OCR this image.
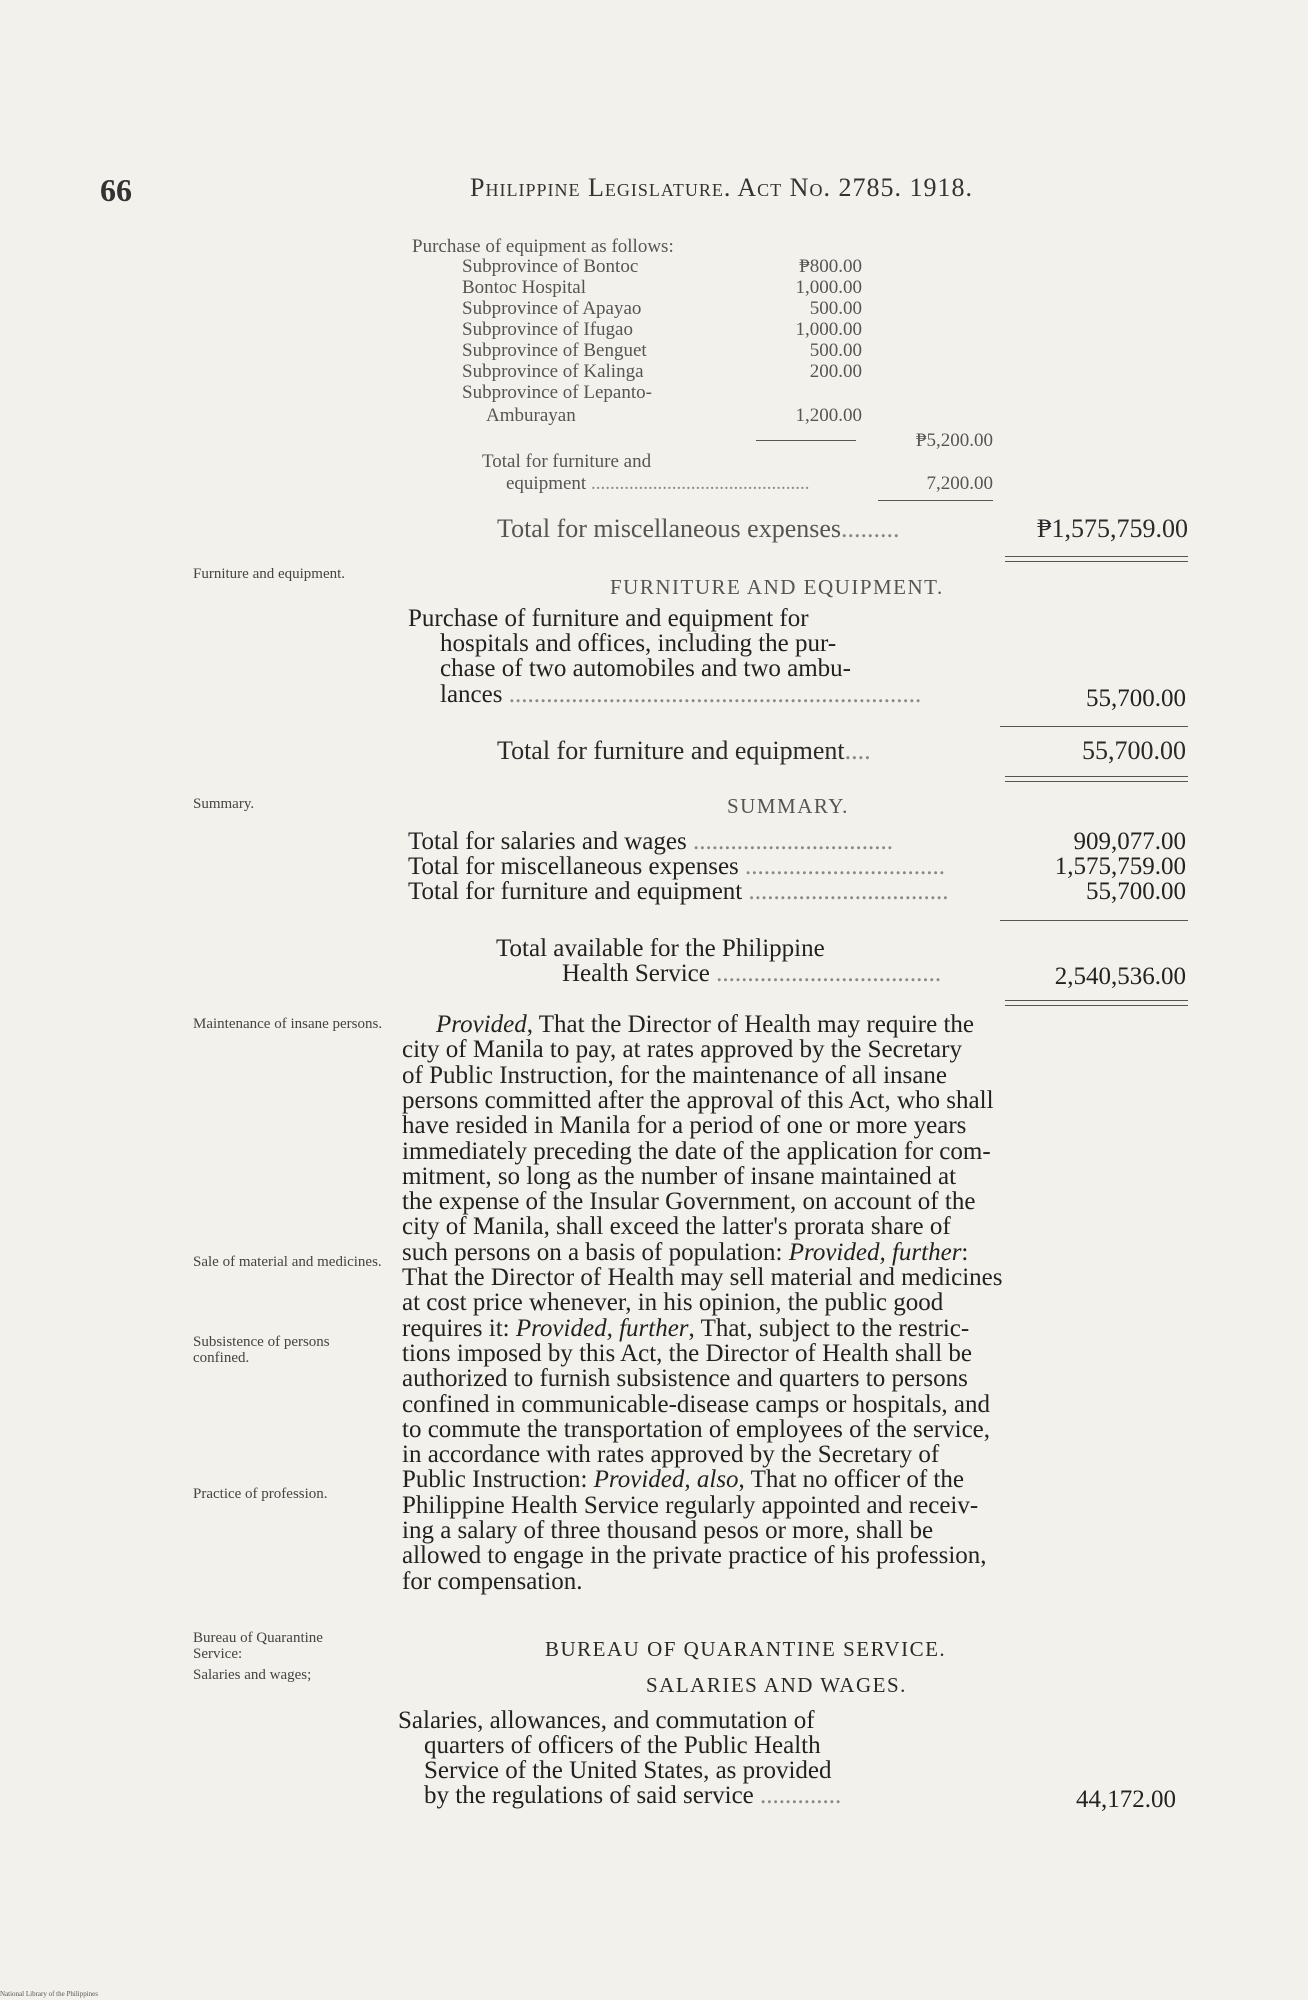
66	Philippine Legislature. Act No. 2785. 1918.
Purchase of equipment as follows:
Subprovince of Bontoc	₱800.00
Bontoc Hospital	1,000.00
Subprovince of Apayao	500.00
Subprovince of Ifugao	1,000.00
Subprovince of Benguet	500.00
Subprovince of Kalinga	200.00
Subprovince of Lepanto-
Amburayan	1,200.00
₱5,200.00
Total for furniture and
equipment ..............................................	7,200.00
Total for miscellaneous expenses.........	₱1,575,759.00
Furniture and equipment.
FURNITURE AND EQUIPMENT.
Purchase of furniture and equipment for
hospitals and offices, including the pur-
chase of two automobiles and two ambu-
lances ..................................................................	55,700.00
Total for furniture and equipment....	55,700.00
Summary.	SUMMARY.
Total for salaries and wages ................................	909,077.00
Total for miscellaneous expenses ................................	1,575,759.00
Total for furniture and equipment ................................	55,700.00
Total available for the Philippine
Health Service ....................................	2,540,536.00
Maintenance of insane persons.
Sale of material and medicines.
Subsistence of persons confined.
Practice of profession.
Provided, That the Director of Health may require the
city of Manila to pay, at rates approved by the Secretary
of Public Instruction, for the maintenance of all insane
persons committed after the approval of this Act, who shall
have resided in Manila for a period of one or more years
immediately preceding the date of the application for com-
mitment, so long as the number of insane maintained at
the expense of the Insular Government, on account of the
city of Manila, shall exceed the latter's prorata share of
such persons on a basis of population: Provided, further:
That the Director of Health may sell material and medicines
at cost price whenever, in his opinion, the public good
requires it: Provided, further, That, subject to the restric-
tions imposed by this Act, the Director of Health shall be
authorized to furnish subsistence and quarters to persons
confined in communicable-disease camps or hospitals, and
to commute the transportation of employees of the service,
in accordance with rates approved by the Secretary of
Public Instruction: Provided, also, That no officer of the
Philippine Health Service regularly appointed and receiv-
ing a salary of three thousand pesos or more, shall be
allowed to engage in the private practice of his profession,
for compensation.
Bureau of Quarantine Service:
Salaries and wages;
BUREAU OF QUARANTINE SERVICE.
SALARIES AND WAGES.
Salaries, allowances, and commutation of
quarters of officers of the Public Health
Service of the United States, as provided
by the regulations of said service .............	44,172.00
National Library of the Philippines
